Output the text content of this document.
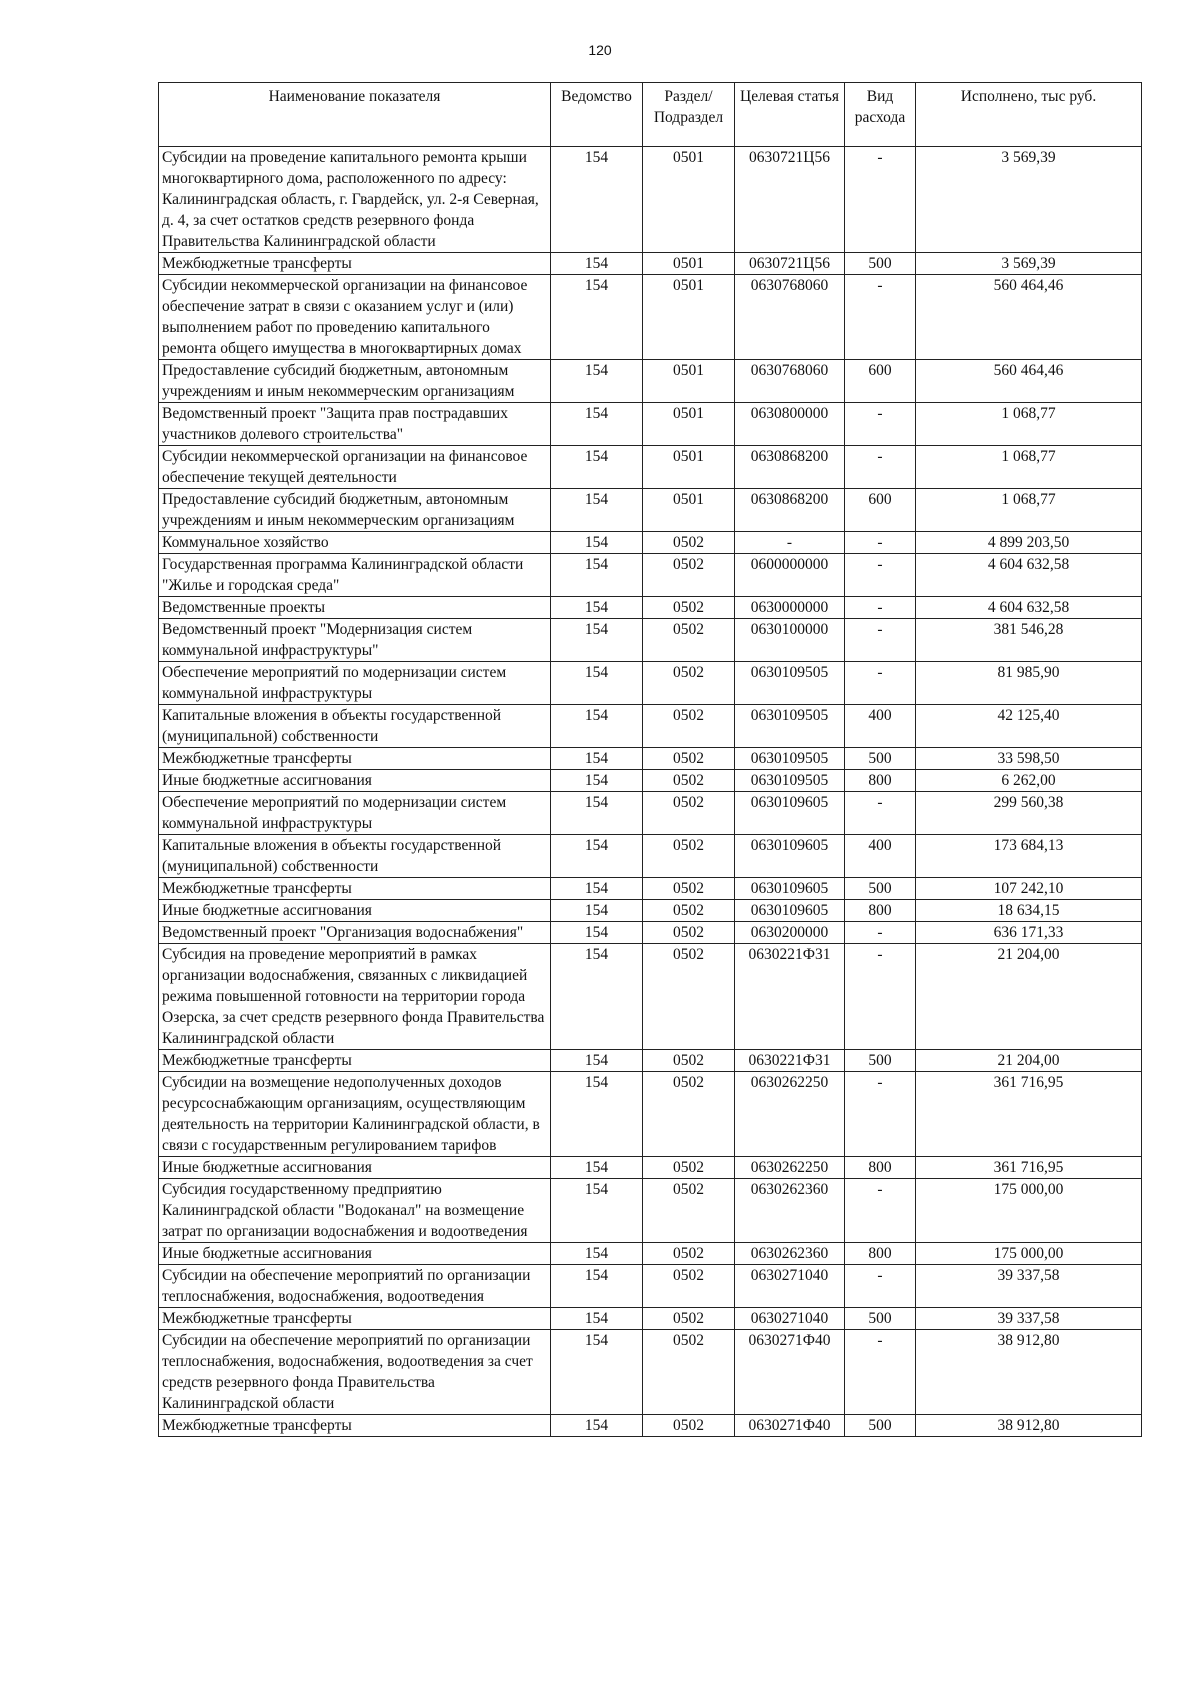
120
Наименование показателя	Ведомство	Раздел/ Подраздел	Целевая статья	Вид расхода	Исполнено, тыс руб.
Субсидии на проведение капитального ремонта крыши многоквартирного дома, расположенного по адресу: Калининградская область, г. Гвардейск, ул. 2-я Северная, д. 4, за счет остатков средств резервного фонда Правительства Калининградской области	154	0501	0630721Ц56	-	3 569,39
Межбюджетные трансферты	154	0501	0630721Ц56	500	3 569,39
Субсидии некоммерческой организации на финансовое обеспечение затрат в связи с оказанием услуг и (или) выполнением работ по проведению капитального ремонта общего имущества в многоквартирных домах	154	0501	0630768060	-	560 464,46
Предоставление субсидий бюджетным, автономным учреждениям и иным некоммерческим организациям	154	0501	0630768060	600	560 464,46
Ведомственный проект "Защита прав пострадавших участников долевого строительства"	154	0501	0630800000	-	1 068,77
Субсидии некоммерческой организации на финансовое обеспечение текущей деятельности	154	0501	0630868200	-	1 068,77
Предоставление субсидий бюджетным, автономным учреждениям и иным некоммерческим организациям	154	0501	0630868200	600	1 068,77
Коммунальное хозяйство	154	0502	-	-	4 899 203,50
Государственная программа Калининградской области "Жилье и городская среда"	154	0502	0600000000	-	4 604 632,58
Ведомственные проекты	154	0502	0630000000	-	4 604 632,58
Ведомственный проект "Модернизация систем коммунальной инфраструктуры"	154	0502	0630100000	-	381 546,28
Обеспечение мероприятий по модернизации систем коммунальной инфраструктуры	154	0502	0630109505	-	81 985,90
Капитальные вложения в объекты государственной (муниципальной) собственности	154	0502	0630109505	400	42 125,40
Межбюджетные трансферты	154	0502	0630109505	500	33 598,50
Иные бюджетные ассигнования	154	0502	0630109505	800	6 262,00
Обеспечение мероприятий по модернизации систем коммунальной инфраструктуры	154	0502	0630109605	-	299 560,38
Капитальные вложения в объекты государственной (муниципальной) собственности	154	0502	0630109605	400	173 684,13
Межбюджетные трансферты	154	0502	0630109605	500	107 242,10
Иные бюджетные ассигнования	154	0502	0630109605	800	18 634,15
Ведомственный проект "Организация водоснабжения"	154	0502	0630200000	-	636 171,33
Субсидия на проведение мероприятий в рамках организации водоснабжения, связанных с ликвидацией режима повышенной готовности на территории города Озерска, за счет средств резервного фонда Правительства Калининградской области	154	0502	0630221Ф31	-	21 204,00
Межбюджетные трансферты	154	0502	0630221Ф31	500	21 204,00
Субсидии на возмещение недополученных доходов ресурсоснабжающим организациям, осуществляющим деятельность на территории Калининградской области, в связи с государственным регулированием тарифов	154	0502	0630262250	-	361 716,95
Иные бюджетные ассигнования	154	0502	0630262250	800	361 716,95
Субсидия государственному предприятию Калининградской области "Водоканал" на возмещение затрат по организации водоснабжения и водоотведения	154	0502	0630262360	-	175 000,00
Иные бюджетные ассигнования	154	0502	0630262360	800	175 000,00
Субсидии на обеспечение мероприятий по организации теплоснабжения, водоснабжения, водоотведения	154	0502	0630271040	-	39 337,58
Межбюджетные трансферты	154	0502	0630271040	500	39 337,58
Субсидии на обеспечение мероприятий по организации теплоснабжения, водоснабжения, водоотведения за счет средств резервного фонда Правительства Калининградской области	154	0502	0630271Ф40	-	38 912,80
Межбюджетные трансферты	154	0502	0630271Ф40	500	38 912,80
